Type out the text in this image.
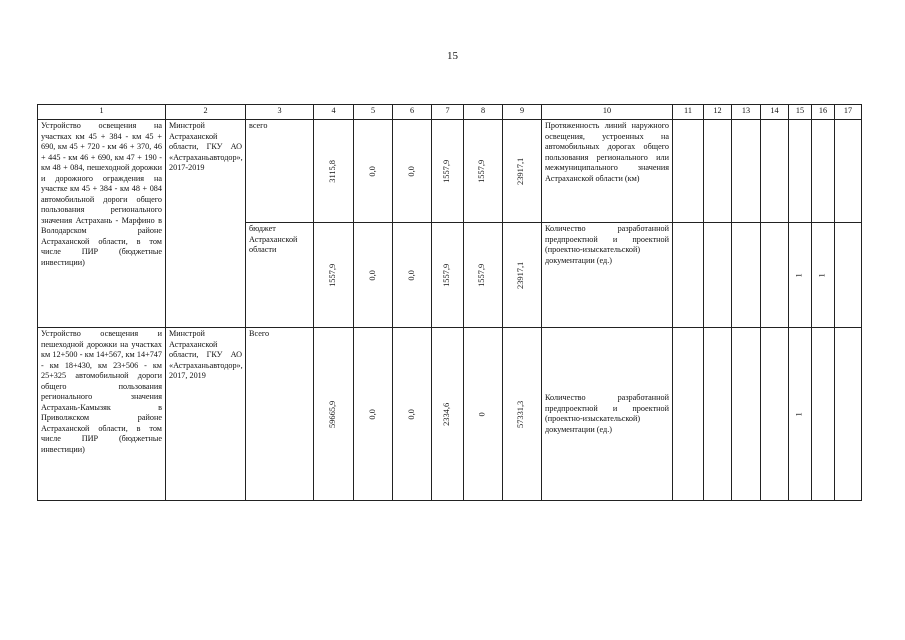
15
1	2	3	4	5	6	7	8	9	10	11	12	13	14	15	16	17
Устройство освещения на участках км 45 + 384 - км 45 + 690, км 45 + 720 - км 46 + 370, 46 + 445 - км 46 + 690, км 47 + 190 - км 48 + 084, пешеходной дорожки и дорожного ограждения на участке км 45 + 384 - км 48 + 084 автомобильной дороги общего пользования регионального значения Астрахань - Марфино в Володарском районе Астраханской области, в том числе ПИР (бюджетные инвестиции)	Минстрой Астраханской области, ГКУ АО «Астраханьавтодор», 2017-2019	всего	3115,8	0,0	0,0	1557,9	1557,9	23917,1	Протяженность линий наружного освещения, устроенных на автомобильных дорогах общего пользования регионального или межмуниципального значения Астраханской области (км)							
		бюджет Астраханской области	1557,9	0,0	0,0	1557,9	1557,9	23917,1	Количество разработанной предпроектной и проектной (проектно-изыскательской) документации (ед.)					1	1	
Устройство освещения и пешеходной дорожки на участках км 12+500 - км 14+567, км 14+747 - км 18+430, км 23+506 - км 25+325 автомобильной дороги общего пользования регионального значения Астрахань-Камызяк в Приволжском районе Астраханской области, в том числе ПИР (бюджетные инвестиции)	Минстрой Астраханской области, ГКУ АО «Астраханьавтодор», 2017, 2019	Всего	59665,9	0,0	0,0	2334,6	0	57331,3	Количество разработанной предпроектной и проектной (проектно-изыскательской) документации (ед.)					1		
